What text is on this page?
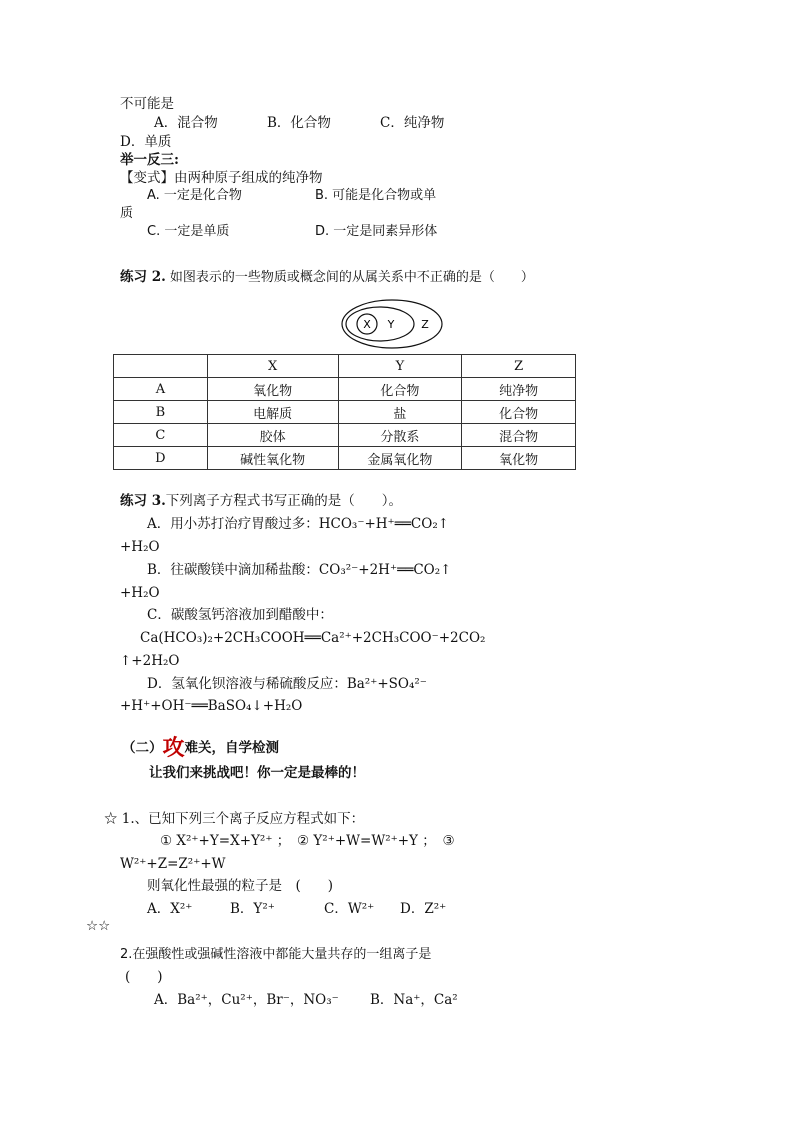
不可能是
A．混合物	B．化合物	C．纯净物
D．单质
举一反三:
【变式】由两种原子组成的纯净物
A. 一定是化合物	B. 可能是化合物或单
质
C. 一定是单质	D. 一定是同素异形体
练习 2. 如图表示的一些物质或概念间的从属关系中不正确的是（　　）
X Y Z
	X	Y	Z
A	氧化物	化合物	纯净物
B	电解质	盐	化合物
C	胶体	分散系	混合物
D	碱性氧化物	金属氧化物	氧化物
练习 3.下列离子方程式书写正确的是（　　）。
A．用小苏打治疗胃酸过多：HCO₃⁻+H⁺══CO₂↑
+H₂O
B．往碳酸镁中滴加稀盐酸：CO₃²⁻+2H⁺══CO₂↑
+H₂O
C．碳酸氢钙溶液加到醋酸中：
Ca(HCO₃)₂+2CH₃COOH══Ca²⁺+2CH₃COO⁻+2CO₂
↑+2H₂O
D．氢氧化钡溶液与稀硫酸反应：Ba²⁺+SO₄²⁻
+H⁺+OH⁻══BaSO₄↓+H₂O
（二）攻难关，自学检测
让我们来挑战吧！你一定是最棒的！
☆ 1.、已知下列三个离子反应方程式如下：
① X²⁺+Y=X+Y²⁺ ；　② Y²⁺+W=W²⁺+Y ；　③
W²⁺+Z=Z²⁺+W
则氧化性最强的粒子是　(　　)
A．X²⁺	B．Y²⁺	C．W²⁺ D．Z²⁺
☆☆
2.在强酸性或强碱性溶液中都能大量共存的一组离子是
(　　)
A．Ba²⁺，Cu²⁺，Br⁻，NO₃⁻ B．Na⁺，Ca²
